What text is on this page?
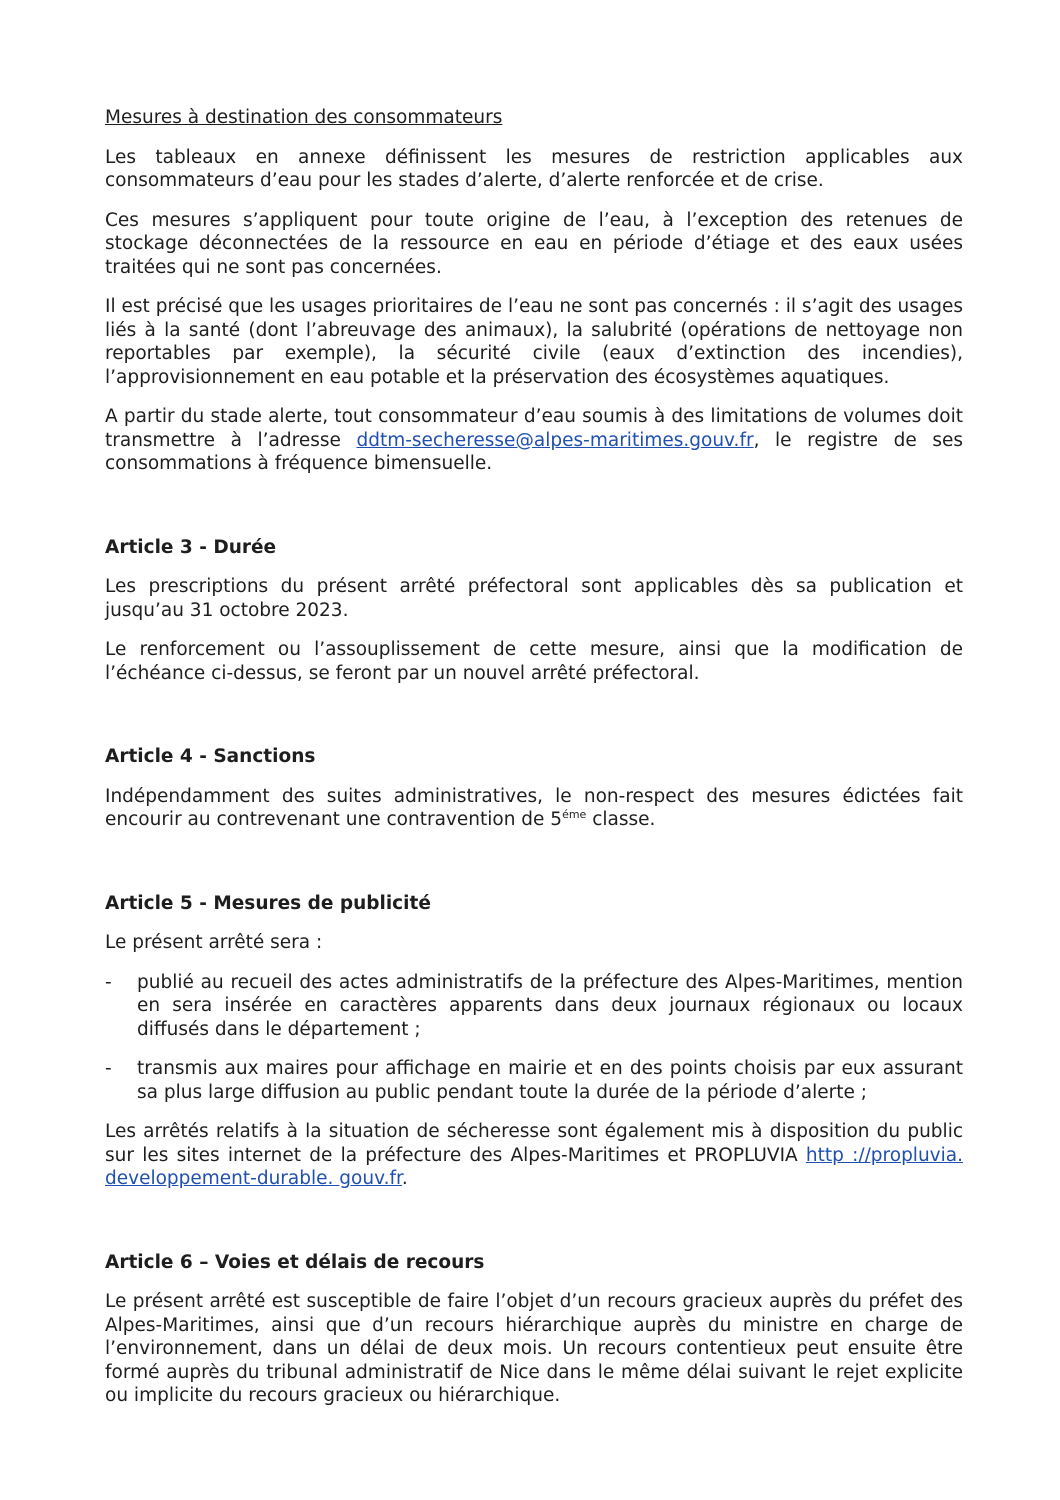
Mesures à destination des consommateurs

Les tableaux en annexe définissent les mesures de restriction applicables aux consommateurs d’eau pour les stades d’alerte, d’alerte renforcée et de crise.

Ces mesures s’appliquent pour toute origine de l’eau, à l’exception des retenues de stockage déconnectées de la ressource en eau en période d’étiage et des eaux usées traitées qui ne sont pas concernées.

Il est précisé que les usages prioritaires de l’eau ne sont pas concernés : il s’agit des usages liés à la santé (dont l’abreuvage des animaux), la salubrité (opérations de nettoyage non reportables par exemple), la sécurité civile (eaux d’extinction des incendies), l’approvisionnement en eau potable et la préservation des écosystèmes aquatiques.

A partir du stade alerte, tout consommateur d’eau soumis à des limitations de volumes doit transmettre à l’adresse ddtm-secheresse@alpes-maritimes.gouv.fr, le registre de ses consommations à fréquence bimensuelle.

Article 3 - Durée

Les prescriptions du présent arrêté préfectoral sont applicables dès sa publication et jusqu’au 31 octobre 2023.

Le renforcement ou l’assouplissement de cette mesure, ainsi que la modification de l’échéance ci-dessus, se feront par un nouvel arrêté préfectoral.

Article 4 - Sanctions

Indépendamment des suites administratives, le non-respect des mesures édictées fait encourir au contrevenant une contravention de $5^{éme}$ classe.

Article 5 - Mesures de publicité

Le présent arrêté sera :

- publié au recueil des actes administratifs de la préfecture des Alpes-Maritimes, mention en sera insérée en caractères apparents dans deux journaux régionaux ou locaux diffusés dans le département ;
- transmis aux maires pour affichage en mairie et en des points choisis par eux assurant sa plus large diffusion au public pendant toute la durée de la période d’alerte ;

Les arrêtés relatifs à la situation de sécheresse sont également mis à disposition du public sur les sites internet de la préfecture des Alpes-Maritimes et PROPLUVIA http ://propluvia. developpement-durable. gouv.fr.

Article 6 – Voies et délais de recours

Le présent arrêté est susceptible de faire l’objet d’un recours gracieux auprès du préfet des Alpes-Maritimes, ainsi que d’un recours hiérarchique auprès du ministre en charge de l’environnement, dans un délai de deux mois. Un recours contentieux peut ensuite être formé auprès du tribunal administratif de Nice dans le même délai suivant le rejet explicite ou implicite du recours gracieux ou hiérarchique.
